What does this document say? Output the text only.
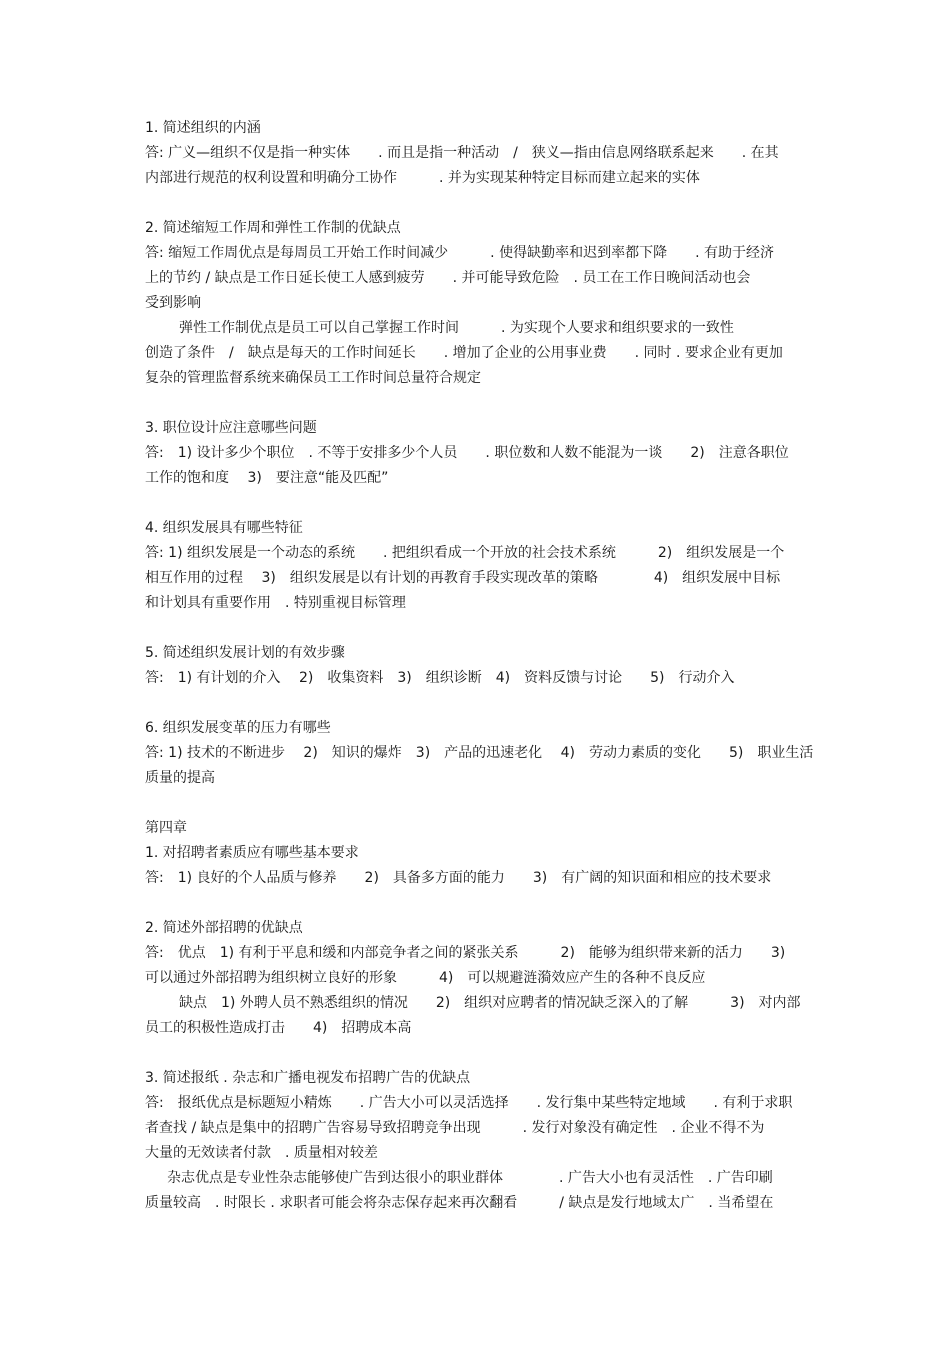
1. 简述组织的内涵
答: 广义—组织不仅是指一种实体　　. 而且是指一种活动　/　狭义—指由信息网络联系起来　　. 在其
内部进行规范的权利设置和明确分工协作　　　. 并为实现某种特定目标而建立起来的实体
2. 简述缩短工作周和弹性工作制的优缺点
答: 缩短工作周优点是每周员工开始工作时间减少　　　. 使得缺勤率和迟到率都下降　　. 有助于经济
上的节约 / 缺点是工作日延长使工人感到疲劳　　. 并可能导致危险　. 员工在工作日晚间活动也会
受到影响
弹性工作制优点是员工可以自己掌握工作时间　　　. 为实现个人要求和组织要求的一致性
创造了条件　/　缺点是每天的工作时间延长　　. 增加了企业的公用事业费　　. 同时 . 要求企业有更加
复杂的管理监督系统来确保员工工作时间总量符合规定
3. 职位设计应注意哪些问题
答:　1) 设计多少个职位　. 不等于安排多少个人员　　. 职位数和人数不能混为一谈　　2)　注意各职位
工作的饱和度　 3)　要注意“能及匹配”
4. 组织发展具有哪些特征
答: 1) 组织发展是一个动态的系统　　. 把组织看成一个开放的社会技术系统　　　2)　组织发展是一个
相互作用的过程　 3)　组织发展是以有计划的再教育手段实现改革的策略　　　　4)　组织发展中目标
和计划具有重要作用　. 特别重视目标管理
5. 简述组织发展计划的有效步骤
答:　1) 有计划的介入　 2)　收集资料　3)　组织诊断　4)　资料反馈与讨论　　5)　行动介入
6. 组织发展变革的压力有哪些
答: 1) 技术的不断进步　 2)　知识的爆炸　3)　产品的迅速老化　 4)　劳动力素质的变化　　5)　职业生活
质量的提高
第四章
1. 对招聘者素质应有哪些基本要求
答:　1) 良好的个人品质与修养　　2)　具备多方面的能力　　3)　有广阔的知识面和相应的技术要求
2. 简述外部招聘的优缺点
答:　优点　1) 有利于平息和缓和内部竞争者之间的紧张关系　　　2)　能够为组织带来新的活力　　3)
可以通过外部招聘为组织树立良好的形象　　　4)　可以规避涟漪效应产生的各种不良反应
缺点　1) 外聘人员不熟悉组织的情况　　2)　组织对应聘者的情况缺乏深入的了解　　　3)　对内部
员工的积极性造成打击　　4)　招聘成本高
3. 简述报纸 . 杂志和广播电视发布招聘广告的优缺点
答:　报纸优点是标题短小精炼　　. 广告大小可以灵活选择　　. 发行集中某些特定地域　　. 有利于求职
者查找 / 缺点是集中的招聘广告容易导致招聘竞争出现　　　. 发行对象没有确定性　. 企业不得不为
大量的无效读者付款　. 质量相对较差
杂志优点是专业性杂志能够使广告到达很小的职业群体　　　　. 广告大小也有灵活性　. 广告印刷
质量较高　. 时限长 . 求职者可能会将杂志保存起来再次翻看　　　/ 缺点是发行地域太广　. 当希望在
